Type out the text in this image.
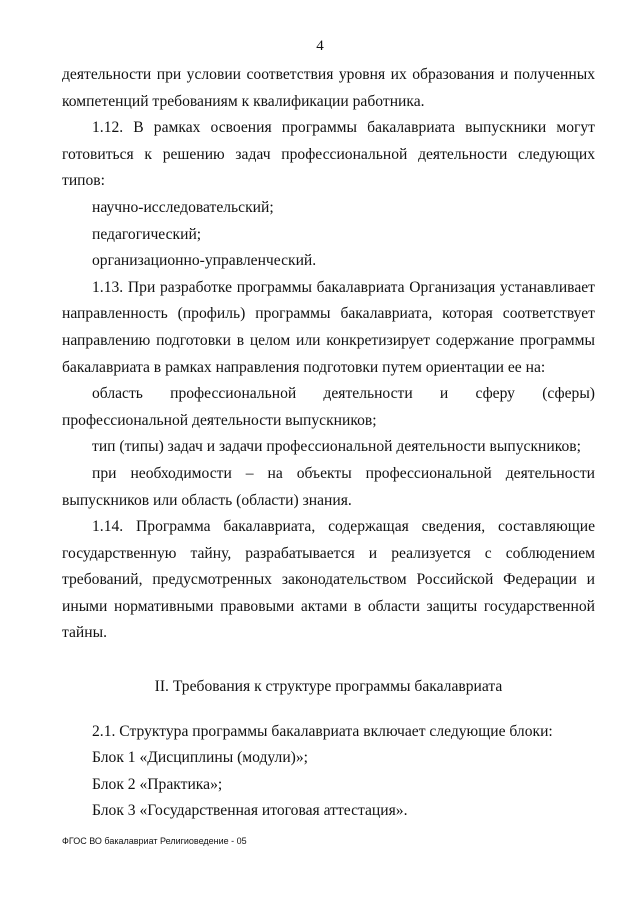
4

деятельности при условии соответствия уровня их образования и полученных компетенций требованиям к квалификации работника.

1.12. В рамках освоения программы бакалавриата выпускники могут готовиться к решению задач профессиональной деятельности следующих типов:

научно-исследовательский;

педагогический;

организационно-управленческий.

1.13. При разработке программы бакалавриата Организация устанавливает направленность (профиль) программы бакалавриата, которая соответствует направлению подготовки в целом или конкретизирует содержание программы бакалавриата в рамках направления подготовки путем ориентации ее на:

область профессиональной деятельности и сферу (сферы) профессиональной деятельности выпускников;

тип (типы) задач и задачи профессиональной деятельности выпускников;

при необходимости – на объекты профессиональной деятельности выпускников или область (области) знания.

1.14. Программа бакалавриата, содержащая сведения, составляющие государственную тайну, разрабатывается и реализуется с соблюдением требований, предусмотренных законодательством Российской Федерации и иными нормативными правовыми актами в области защиты государственной тайны.

II. Требования к структуре программы бакалавриата

2.1. Структура программы бакалавриата включает следующие блоки:

Блок 1 «Дисциплины (модули)»;

Блок 2 «Практика»;

Блок 3 «Государственная итоговая аттестация».

ФГОС ВО бакалавриат Религиоведение - 05
